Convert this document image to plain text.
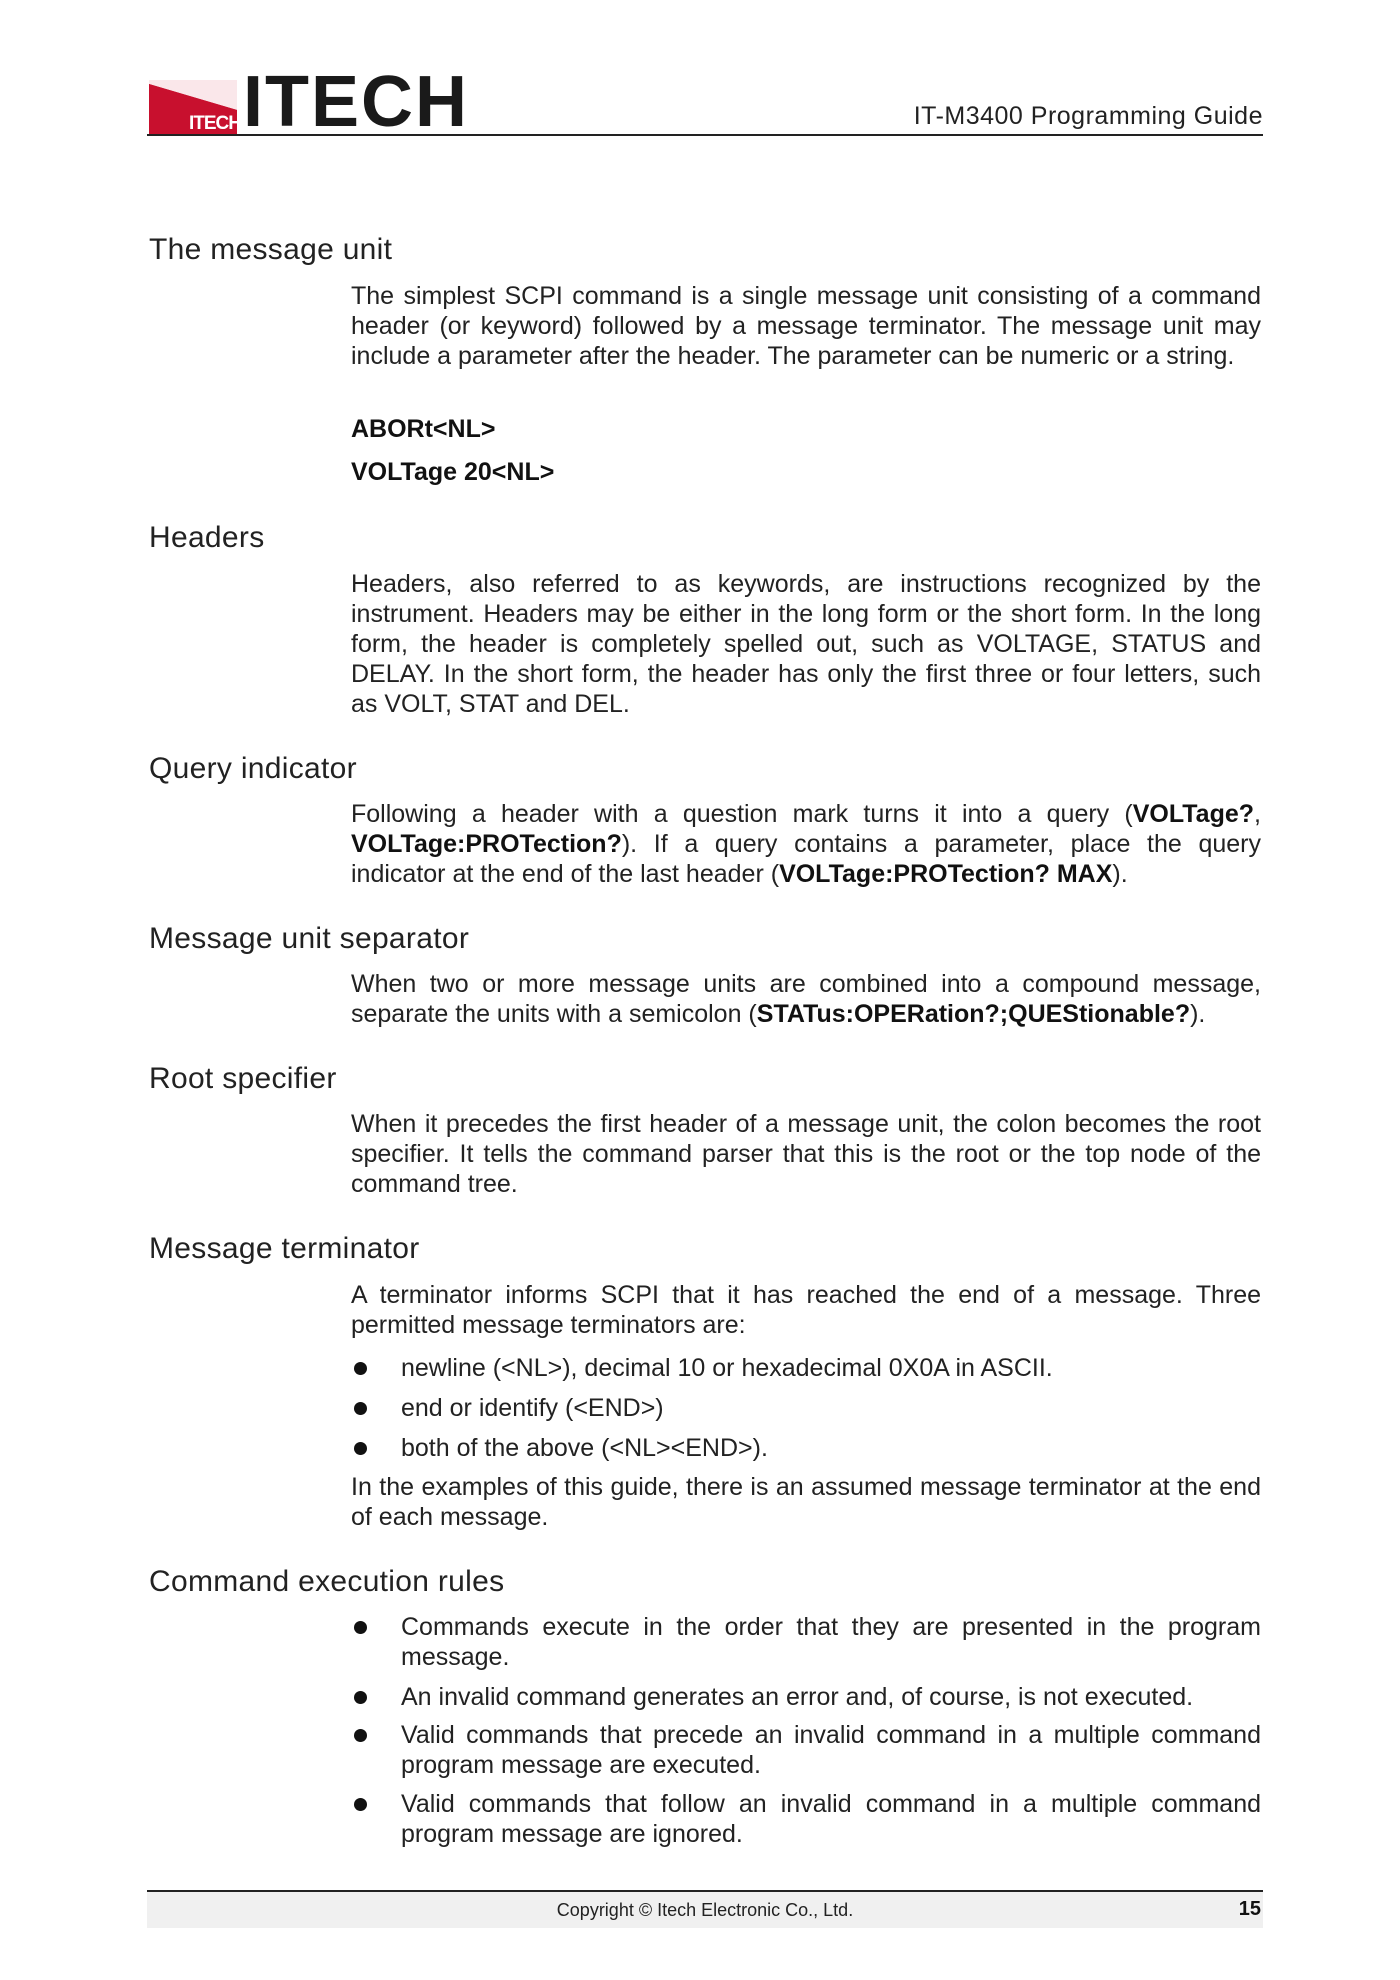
ITECH ITECH	IT-M3400 Programming Guide
The message unit

The simplest SCPI command is a single message unit consisting of a command header (or keyword) followed by a message terminator. The message unit may include a parameter after the header. The parameter can be numeric or a string.

ABORt<NL>

VOLTage 20<NL>

Headers

Headers, also referred to as keywords, are instructions recognized by the instrument. Headers may be either in the long form or the short form. In the long form, the header is completely spelled out, such as VOLTAGE, STATUS and DELAY. In the short form, the header has only the first three or four letters, such as VOLT, STAT and DEL.

Query indicator

Following a header with a question mark turns it into a query (VOLTage?, VOLTage:PROTection?). If a query contains a parameter, place the query indicator at the end of the last header (VOLTage:PROTection? MAX).

Message unit separator

When two or more message units are combined into a compound message, separate the units with a semicolon (STATus:OPERation?;QUEStionable?).

Root specifier

When it precedes the first header of a message unit, the colon becomes the root specifier. It tells the command parser that this is the root or the top node of the command tree.

Message terminator

A terminator informs SCPI that it has reached the end of a message. Three permitted message terminators are:

newline (<NL>), decimal 10 or hexadecimal 0X0A in ASCII.
end or identify (<END>)
both of the above (<NL><END>).

In the examples of this guide, there is an assumed message terminator at the end of each message.

Command execution rules
Commands execute in the order that they are presented in the program message.
An invalid command generates an error and, of course, is not executed.
Valid commands that precede an invalid command in a multiple command program message are executed.
Valid commands that follow an invalid command in a multiple command program message are ignored.
Copyright © Itech Electronic Co., Ltd.	15
